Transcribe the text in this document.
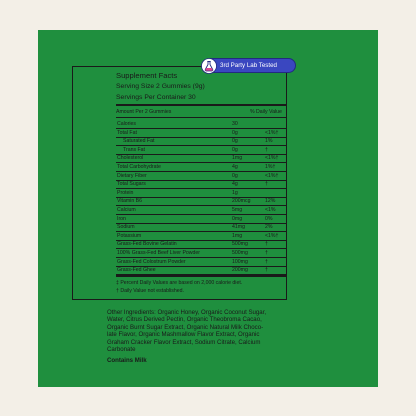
3rd Party Lab Tested
Supplement Facts
Serving Size 2 Gummies (9g)
Servings Per Container 30
Amount Per 2 Gummies	% Daily Value
Calories	30
Total Fat	0g	<1%†
Saturated Fat	0g	1%
Trans Fat	0g	†
Cholesterol	1mg	<1%†
Total Carbohydrate	4g	1%†
Dietary Fiber	0g	<1%†
Total Sugars	4g	†
Protein	1g
Vitamin B6	200mcg	12%
Calcium	5mg	<1%
Iron	0mg	0%
Sodium	41mg	2%
Potassium	1mg	<1%†
Grass-Fed Bovine Gelatin	500mg	†
100% Grass-Fed Beef Liver Powder	500mg	†
Grass-Fed Colostrum Powder	100mg	†
Grass-Fed Ghee	200mg	†
‡ Percent Daily Values are based on 2,000 calorie diet.
† Daily Value not established.
Other Ingredients: Organic Honey, Organic Coconut Sugar,
Water, Citrus Derived Pectin, Organic Theobroma Cacao,
Organic Burnt Sugar Extract, Organic Natural Milk Choco-
late Flavor, Organic Mashmallow Flavor Extract, Organic
Graham Cracker Flavor Extract, Sodium Citrate, Calcium
Carbonate
Contains Milk
